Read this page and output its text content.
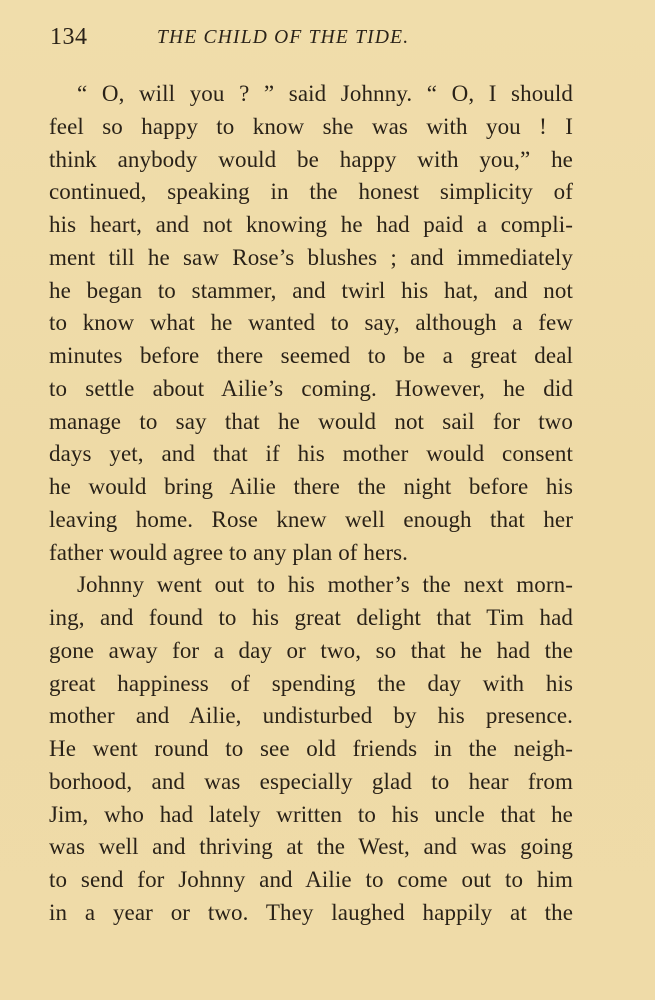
134	THE CHILD OF THE TIDE.
“ O, will you ? ” said Johnny. “ O, I should
feel so happy to know she was with you ! I
think anybody would be happy with you,” he
continued, speaking in the honest simplicity of
his heart, and not knowing he had paid a compli-
ment till he saw Rose’s blushes ; and immediately
he began to stammer, and twirl his hat, and not
to know what he wanted to say, although a few
minutes before there seemed to be a great deal
to settle about Ailie’s coming. However, he did
manage to say that he would not sail for two
days yet, and that if his mother would consent
he would bring Ailie there the night before his
leaving home. Rose knew well enough that her
father would agree to any plan of hers.
Johnny went out to his mother’s the next morn-
ing, and found to his great delight that Tim had
gone away for a day or two, so that he had the
great happiness of spending the day with his
mother and Ailie, undisturbed by his presence.
He went round to see old friends in the neigh-
borhood, and was especially glad to hear from
Jim, who had lately written to his uncle that he
was well and thriving at the West, and was going
to send for Johnny and Ailie to come out to him
in a year or two. They laughed happily at the
